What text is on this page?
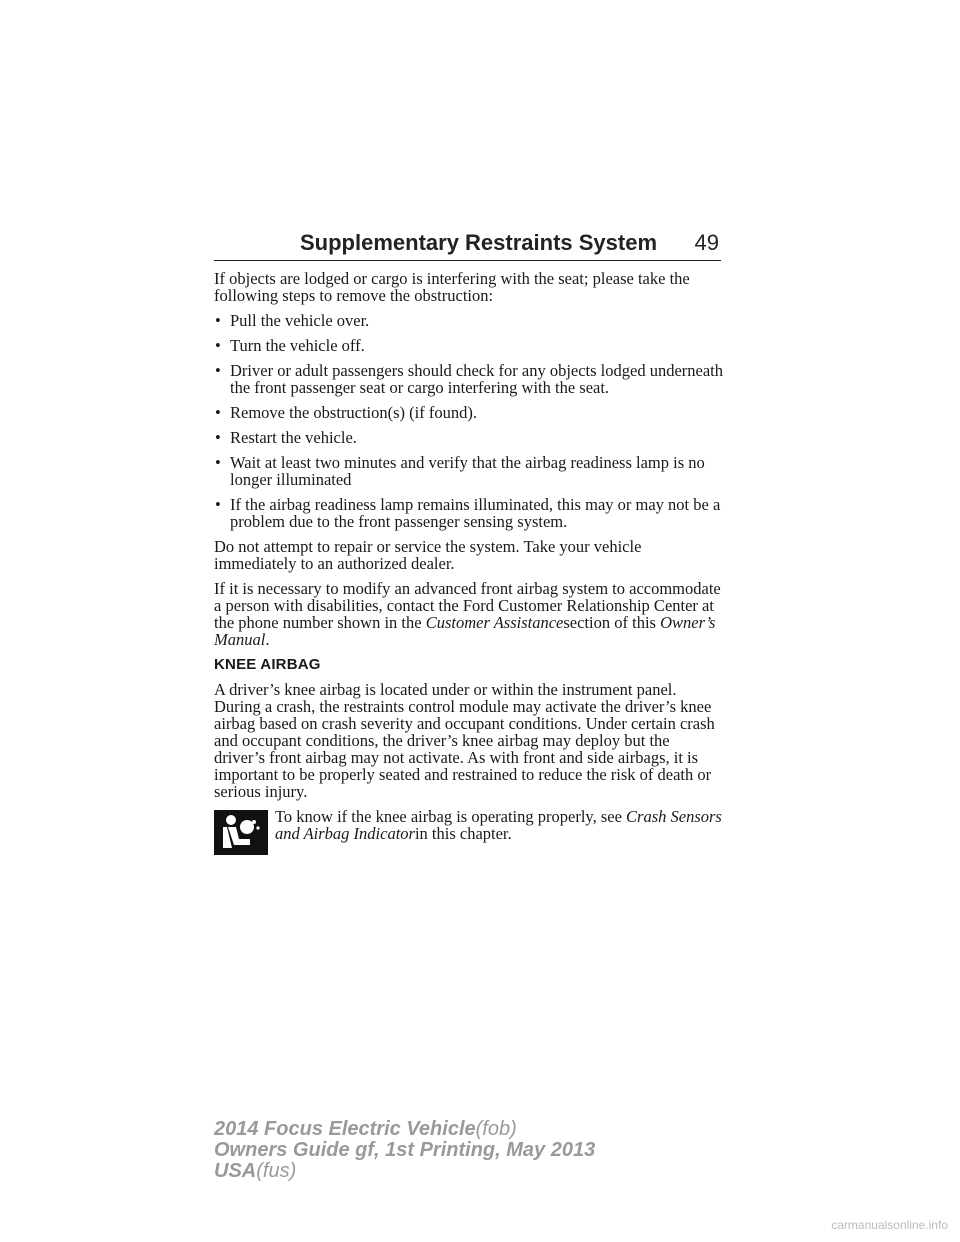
Supplementary Restraints System 49

If objects are lodged or cargo is interfering with the seat; please take the following steps to remove the obstruction:

• Pull the vehicle over.
• Turn the vehicle off.
• Driver or adult passengers should check for any objects lodged underneath the front passenger seat or cargo interfering with the seat.
• Remove the obstruction(s) (if found).
• Restart the vehicle.
• Wait at least two minutes and verify that the airbag readiness lamp is no longer illuminated
• If the airbag readiness lamp remains illuminated, this may or may not be a problem due to the front passenger sensing system.

Do not attempt to repair or service the system. Take your vehicle immediately to an authorized dealer.

If it is necessary to modify an advanced front airbag system to accommodate a person with disabilities, contact the Ford Customer Relationship Center at the phone number shown in the Customer Assistancesection of this Owner’s Manual.

KNEE AIRBAG

A driver’s knee airbag is located under or within the instrument panel. During a crash, the restraints control module may activate the driver’s knee airbag based on crash severity and occupant conditions. Under certain crash and occupant conditions, the driver’s knee airbag may deploy but the driver’s front airbag may not activate. As with front and side airbags, it is important to be properly seated and restrained to reduce the risk of death or serious injury.

To know if the knee airbag is operating properly, see Crash Sensors and Airbag Indicatorin this chapter.
2014 Focus Electric Vehicle(fob)
Owners Guide gf, 1st Printing, May 2013
USA(fus)
carmanualsonline.info
